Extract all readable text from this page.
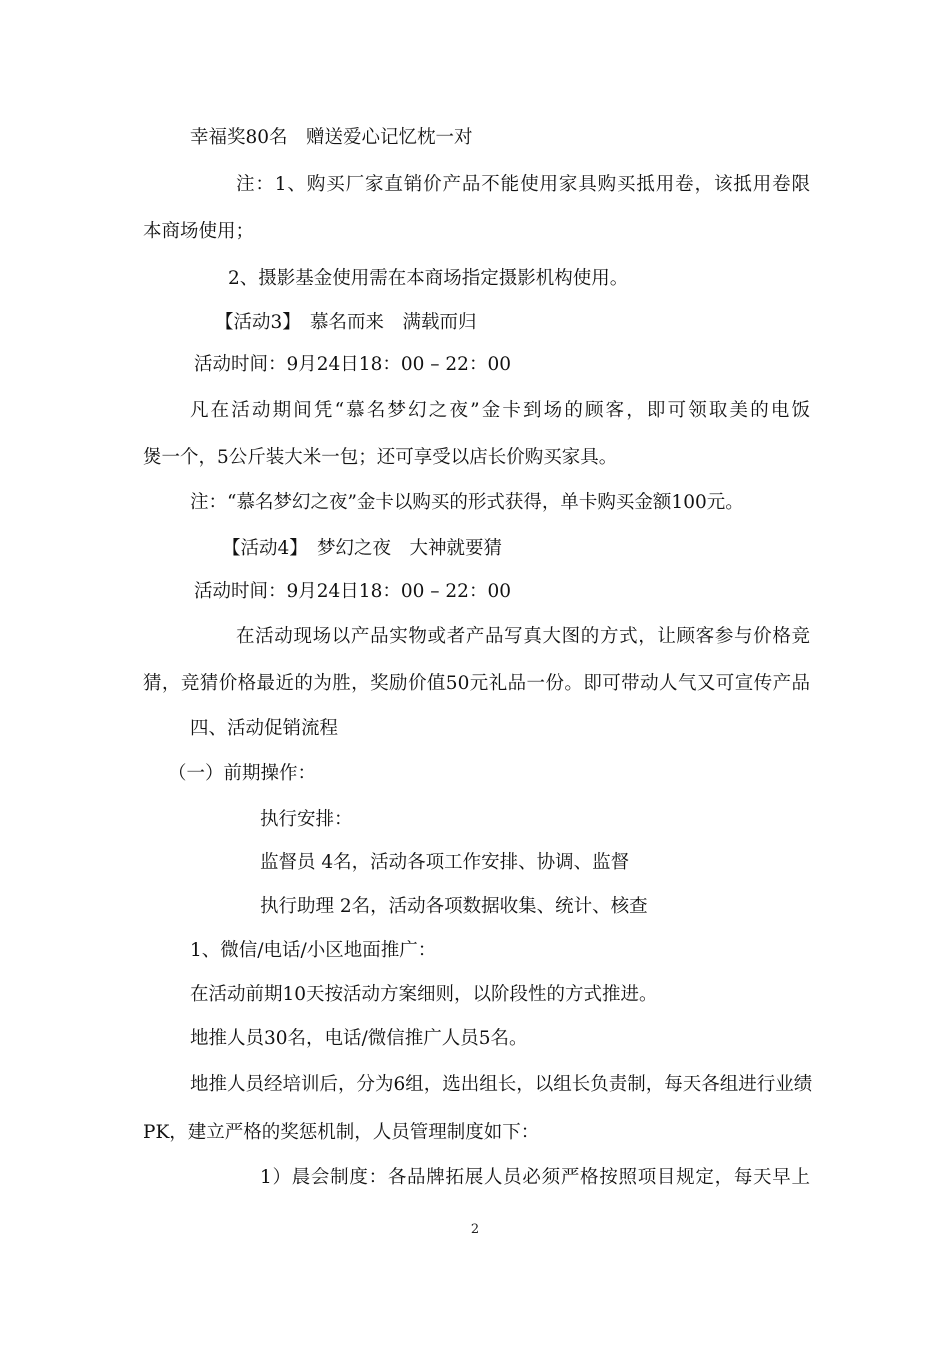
幸福奖80名　赠送爱心记忆枕一对

注：1、购买厂家直销价产品不能使用家具购买抵用卷，该抵用卷限

本商场使用；

2、摄影基金使用需在本商场指定摄影机构使用。

【活动3】　慕名而来　满载而归

活动时间：9月24日18：00 – 22：00

凡在活动期间凭“慕名梦幻之夜”金卡到场的顾客，即可领取美的电饭

煲一个，5公斤装大米一包；还可享受以店长价购买家具。

注：“慕名梦幻之夜”金卡以购买的形式获得，单卡购买金额100元。

【活动4】　梦幻之夜　大神就要猜

活动时间：9月24日18：00 – 22：00

在活动现场以产品实物或者产品写真大图的方式，让顾客参与价格竞

猜，竞猜价格最近的为胜，奖励价值50元礼品一份。即可带动人气又可宣传产品

四、活动促销流程

（一）前期操作：

执行安排：

监督员 4名，活动各项工作安排、协调、监督

执行助理 2名，活动各项数据收集、统计、核查

1、微信/电话/小区地面推广：

在活动前期10天按活动方案细则，以阶段性的方式推进。

地推人员30名，电话/微信推广人员5名。

地推人员经培训后，分为6组，选出组长，以组长负责制，每天各组进行业绩

PK，建立严格的奖惩机制，人员管理制度如下：

1）晨会制度：各品牌拓展人员必须严格按照项目规定，每天早上

2
